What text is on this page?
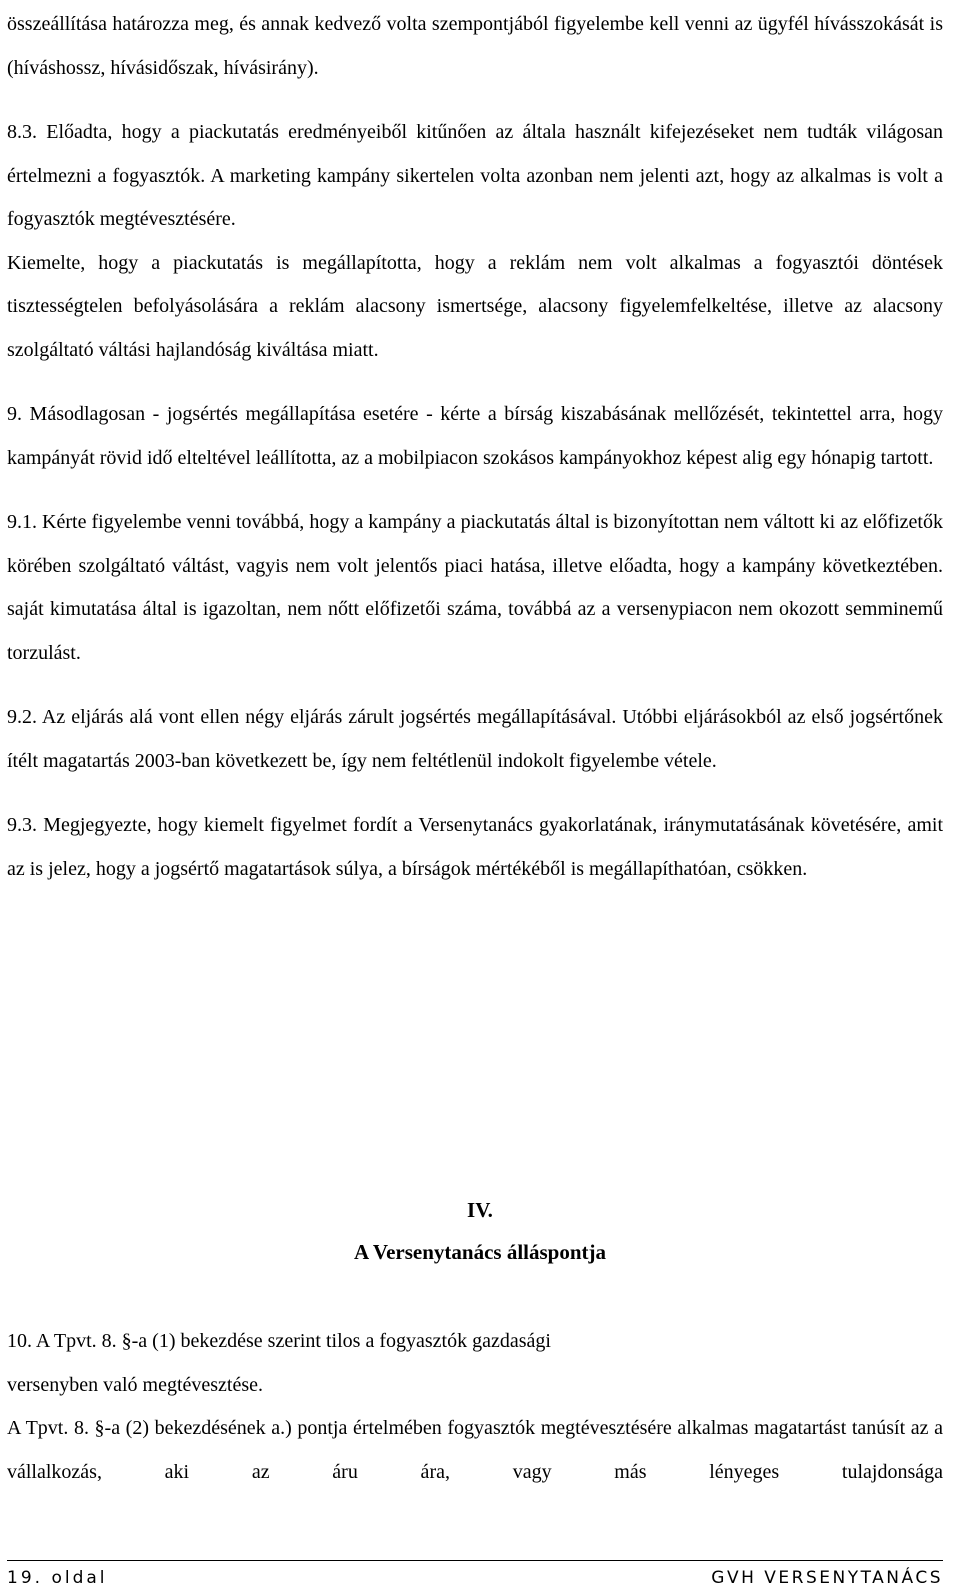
összeállítása határozza meg, és annak kedvező volta szempontjából figyelembe kell venni az ügyfél hívásszokását is (híváshossz, hívásidőszak, hívásirány).

8.3. Előadta, hogy a piackutatás eredményeiből kitűnően az általa használt kifejezéseket nem tudták világosan értelmezni a fogyasztók. A marketing kampány sikertelen volta azonban nem jelenti azt, hogy az alkalmas is volt a fogyasztók megtévesztésére.

Kiemelte, hogy a piackutatás is megállapította, hogy a reklám nem volt alkalmas a fogyasztói döntések tisztességtelen befolyásolására a reklám alacsony ismertsége, alacsony figyelemfelkeltése, illetve az alacsony szolgáltató váltási hajlandóság kiváltása miatt.

9. Másodlagosan - jogsértés megállapítása esetére - kérte a bírság kiszabásának mellőzését, tekintettel arra, hogy kampányát rövid idő elteltével leállította, az a mobilpiacon szokásos kampányokhoz képest alig egy hónapig tartott.

9.1. Kérte figyelembe venni továbbá, hogy a kampány a piackutatás által is bizonyítottan nem váltott ki az előfizetők körében szolgáltató váltást, vagyis nem volt jelentős piaci hatása, illetve előadta, hogy a kampány következtében. saját kimutatása által is igazoltan, nem nőtt előfizetői száma, továbbá az a versenypiacon nem okozott semminemű torzulást.

9.2. Az eljárás alá vont ellen négy eljárás zárult jogsértés megállapításával. Utóbbi eljárásokból az első jogsértőnek ítélt magatartás 2003-ban következett be, így nem feltétlenül indokolt figyelembe vétele.

9.3. Megjegyezte, hogy kiemelt figyelmet fordít a Versenytanács gyakorlatának, iránymutatásának követésére, amit az is jelez, hogy a jogsértő magatartások súlya, a bírságok mértékéből is megállapíthatóan, csökken.

IV.
A Versenytanács álláspontja

10. A Tpvt. 8. §-a (1) bekezdése szerint tilos a fogyasztók gazdasági

versenyben való megtévesztése.

A Tpvt. 8. §-a (2) bekezdésének a.) pontja értelmében fogyasztók megtévesztésére alkalmas magatartást tanúsít az a vállalkozás, aki az áru ára, vagy más lényeges tulajdonsága

19. oldal	GVH VERSENYTANÁCS
